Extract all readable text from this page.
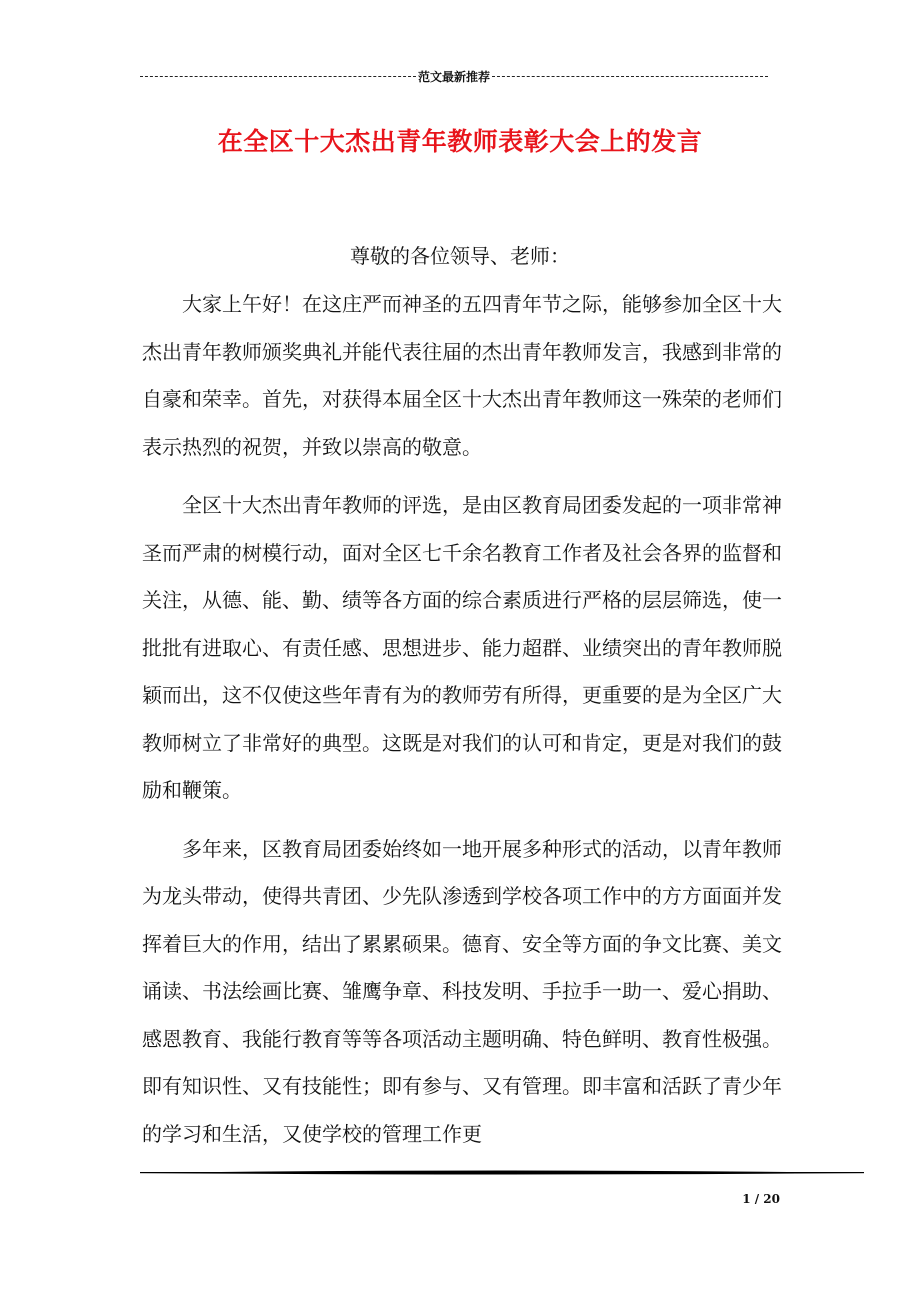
范文最新推荐
在全区十大杰出青年教师表彰大会上的发言
尊敬的各位领导、老师：

大家上午好！在这庄严而神圣的五四青年节之际，能够参加全区十大杰出青年教师颁奖典礼并能代表往届的杰出青年教师发言，我感到非常的自豪和荣幸。首先，对获得本届全区十大杰出青年教师这一殊荣的老师们表示热烈的祝贺，并致以崇高的敬意。

全区十大杰出青年教师的评选，是由区教育局团委发起的一项非常神圣而严肃的树模行动，面对全区七千余名教育工作者及社会各界的监督和关注，从德、能、勤、绩等各方面的综合素质进行严格的层层筛选，使一批批有进取心、有责任感、思想进步、能力超群、业绩突出的青年教师脱颖而出，这不仅使这些年青有为的教师劳有所得，更重要的是为全区广大教师树立了非常好的典型。这既是对我们的认可和肯定，更是对我们的鼓励和鞭策。

多年来，区教育局团委始终如一地开展多种形式的活动，以青年教师为龙头带动，使得共青团、少先队渗透到学校各项工作中的方方面面并发挥着巨大的作用，结出了累累硕果。德育、安全等方面的争文比赛、美文诵读、书法绘画比赛、雏鹰争章、科技发明、手拉手一助一、爱心捐助、感恩教育、我能行教育等等各项活动主题明确、特色鲜明、教育性极强。即有知识性、又有技能性；即有参与、又有管理。即丰富和活跃了青少年的学习和生活，又使学校的管理工作更

1 / 20
